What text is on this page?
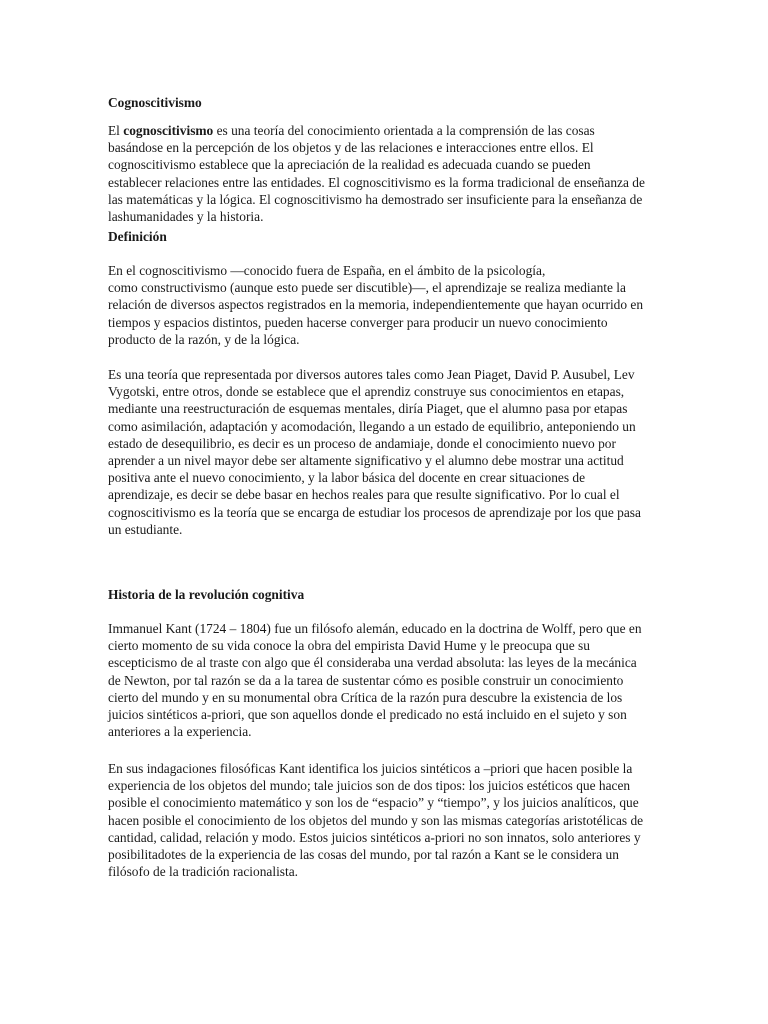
Cognoscitivismo
El cognoscitivismo es una teoría del conocimiento orientada a la comprensión de las cosas
basándose en la percepción de los objetos y de las relaciones e interacciones entre ellos. El
cognoscitivismo establece que la apreciación de la realidad es adecuada cuando se pueden
establecer relaciones entre las entidades. El cognoscitivismo es la forma tradicional de enseñanza de
las matemáticas y la lógica. El cognoscitivismo ha demostrado ser insuficiente para la enseñanza de
lashumanidades y la historia.
Definición
En el cognoscitivismo —conocido fuera de España, en el ámbito de la psicología,
como constructivismo (aunque esto puede ser discutible)—, el aprendizaje se realiza mediante la
relación de diversos aspectos registrados en la memoria, independientemente que hayan ocurrido en
tiempos y espacios distintos, pueden hacerse converger para producir un nuevo conocimiento
producto de la razón, y de la lógica.
Es una teoría que representada por diversos autores tales como Jean Piaget, David P. Ausubel, Lev
Vygotski, entre otros, donde se establece que el aprendiz construye sus conocimientos en etapas,
mediante una reestructuración de esquemas mentales, diría Piaget, que el alumno pasa por etapas
como asimilación, adaptación y acomodación, llegando a un estado de equilibrio, anteponiendo un
estado de desequilibrio, es decir es un proceso de andamiaje, donde el conocimiento nuevo por
aprender a un nivel mayor debe ser altamente significativo y el alumno debe mostrar una actitud
positiva ante el nuevo conocimiento, y la labor básica del docente en crear situaciones de
aprendizaje, es decir se debe basar en hechos reales para que resulte significativo. Por lo cual el
cognoscitivismo es la teoría que se encarga de estudiar los procesos de aprendizaje por los que pasa
un estudiante.
Historia de la revolución cognitiva
Immanuel Kant (1724 – 1804) fue un filósofo alemán, educado en la doctrina de Wolff, pero que en
cierto momento de su vida conoce la obra del empirista David Hume y le preocupa que su
escepticismo de al traste con algo que él consideraba una verdad absoluta: las leyes de la mecánica
de Newton, por tal razón se da a la tarea de sustentar cómo es posible construir un conocimiento
cierto del mundo y en su monumental obra Crítica de la razón pura descubre la existencia de los
juicios sintéticos a-priori, que son aquellos donde el predicado no está incluido en el sujeto y son
anteriores a la experiencia.
En sus indagaciones filosóficas Kant identifica los juicios sintéticos a –priori que hacen posible la
experiencia de los objetos del mundo; tale juicios son de dos tipos: los juicios estéticos que hacen
posible el conocimiento matemático y son los de “espacio” y “tiempo”, y los juicios analíticos, que
hacen posible el conocimiento de los objetos del mundo y son las mismas categorías aristotélicas de
cantidad, calidad, relación y modo. Estos juicios sintéticos a-priori no son innatos, solo anteriores y
posibilitadotes de la experiencia de las cosas del mundo, por tal razón a Kant se le considera un
filósofo de la tradición racionalista.
